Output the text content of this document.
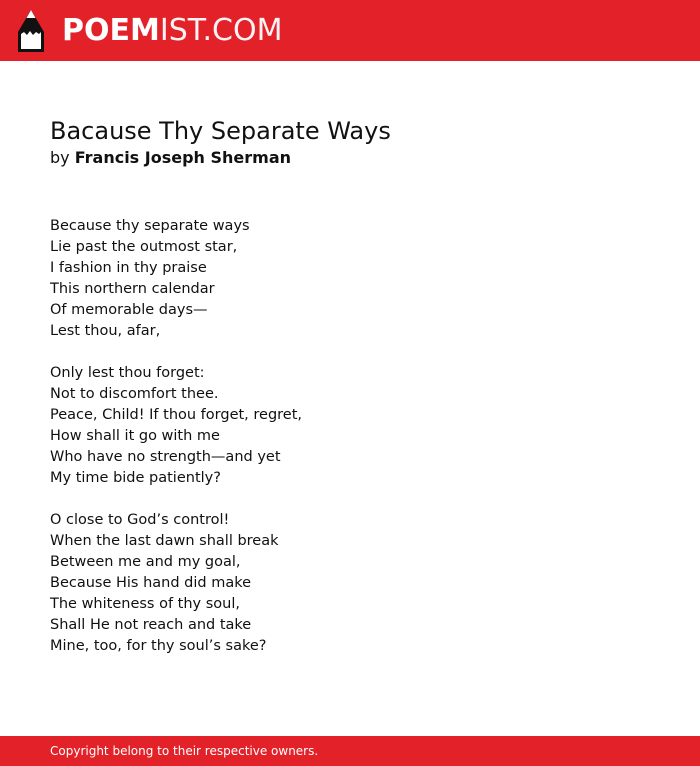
POEMIST.COM
Bacause Thy Separate Ways
by Francis Joseph Sherman
Because thy separate ways
Lie past the outmost star,
I fashion in thy praise
This northern calendar
Of memorable days—
Lest thou, afar,
Only lest thou forget:
Not to discomfort thee.
Peace, Child! If thou forget, regret,
How shall it go with me
Who have no strength—and yet
My time bide patiently?
O close to God’s control!
When the last dawn shall break
Between me and my goal,
Because His hand did make
The whiteness of thy soul,
Shall He not reach and take
Mine, too, for thy soul’s sake?
Copyright belong to their respective owners.
